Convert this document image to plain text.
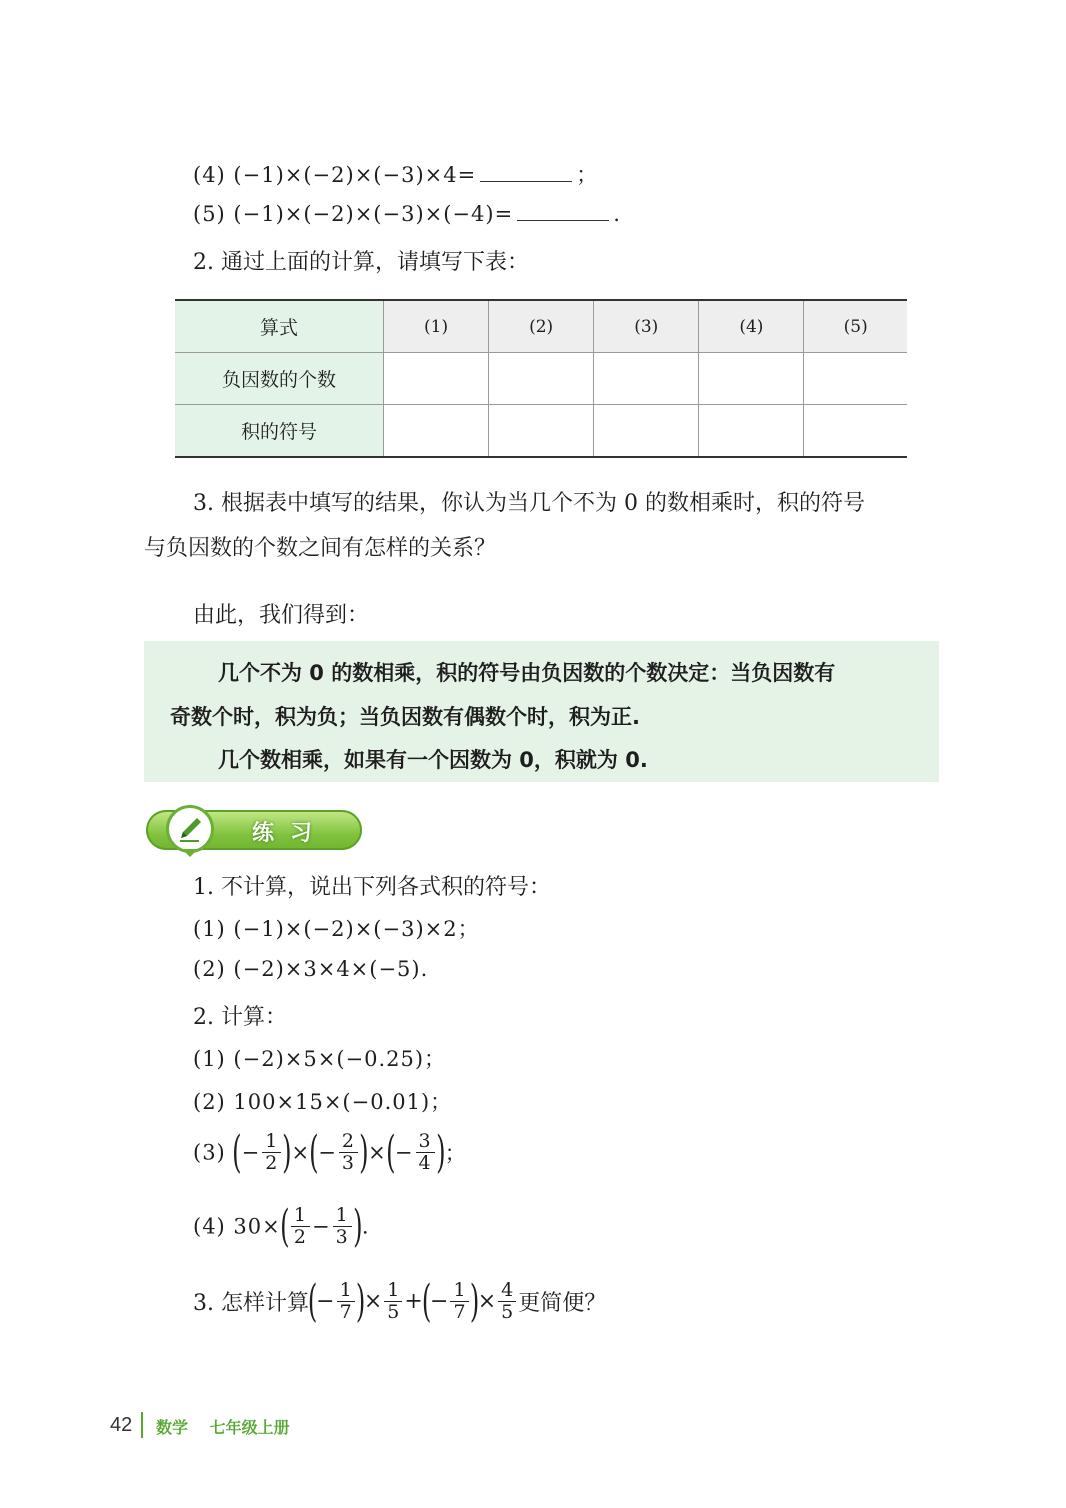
(4) (−1)×(−2)×(−3)×4=	；
(5) (−1)×(−2)×(−3)×(−4)=	.
2. 通过上面的计算，请填写下表：
算式	(1)	(2)	(3)	(4)	(5)
负因数的个数					
积的符号					
3. 根据表中填写的结果，你认为当几个不为 0 的数相乘时，积的符号
与负因数的个数之间有怎样的关系？
由此，我们得到：
几个不为 0 的数相乘，积的符号由负因数的个数决定：当负因数有
奇数个时，积为负；当负因数有偶数个时，积为正.
几个数相乘，如果有一个因数为 0，积就为 0.
练习
1. 不计算，说出下列各式积的符号：
(1) (−1)×(−2)×(−3)×2；
(2) (−2)×3×4×(−5).
2. 计算：
(1) (−2)×5×(−0.25)；
(2) 100×15×(−0.01)；
(3) (− $\frac{1}{2}$ )×(− $\frac{2}{3}$ )×(− $\frac{3}{4}$ )；
(4) $30\times( \frac{1}{2} - \frac{1}{3}$ ).
3. 怎样计算(− $\frac{1}{7}$ )× $\frac{1}{5}$ +(− $\frac{1}{7}$ )× $\frac{4}{5}$ 更简便？
42 数学 七年级上册
